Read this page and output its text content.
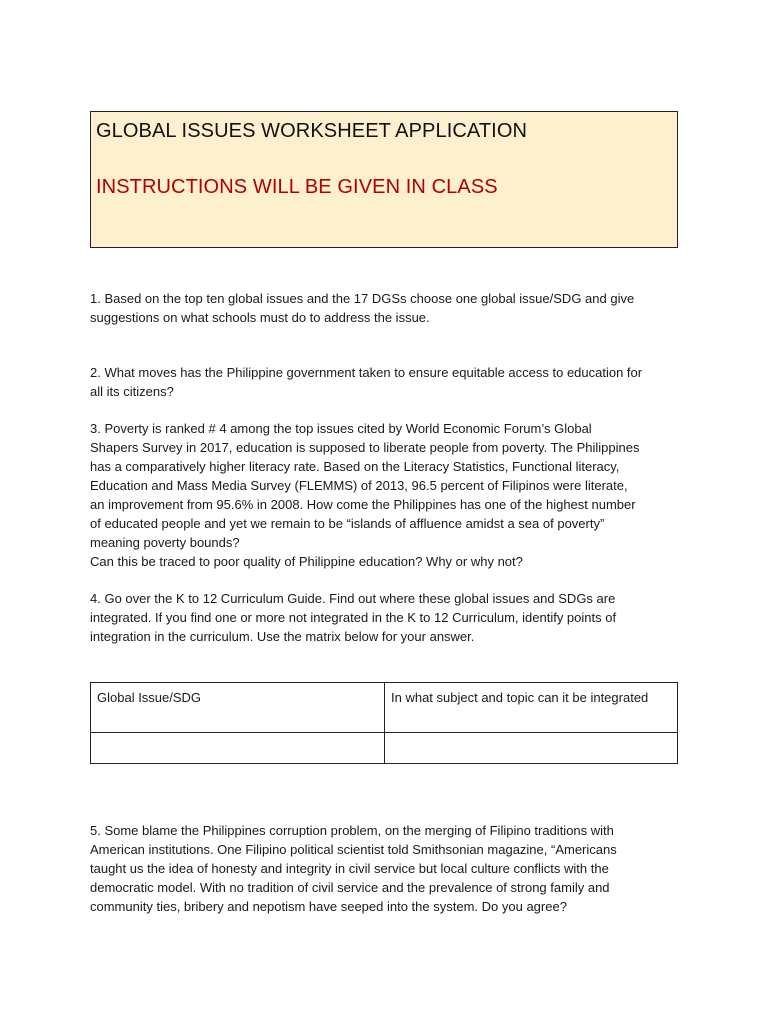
GLOBAL ISSUES WORKSHEET APPLICATION
INSTRUCTIONS WILL BE GIVEN IN CLASS
1. Based on the top ten global issues and the 17 DGSs choose one global issue/SDG and give
suggestions on what schools must do to address the issue.
2. What moves has the Philippine government taken to ensure equitable access to education for
all its citizens?
3. Poverty is ranked # 4 among the top issues cited by World Economic Forum’s Global
Shapers Survey in 2017, education is supposed to liberate people from poverty. The Philippines
has a comparatively higher literacy rate. Based on the Literacy Statistics, Functional literacy,
Education and Mass Media Survey (FLEMMS) of 2013, 96.5 percent of Filipinos were literate,
an improvement from 95.6% in 2008. How come the Philippines has one of the highest number
of educated people and yet we remain to be “islands of affluence amidst a sea of poverty”
meaning poverty bounds?
Can this be traced to poor quality of Philippine education? Why or why not?
4. Go over the K to 12 Curriculum Guide. Find out where these global issues and SDGs are
integrated. If you find one or more not integrated in the K to 12 Curriculum, identify points of
integration in the curriculum. Use the matrix below for your answer.
Global Issue/SDG	In what subject and topic can it be integrated

5. Some blame the Philippines corruption problem, on the merging of Filipino traditions with
American institutions. One Filipino political scientist told Smithsonian magazine, “Americans
taught us the idea of honesty and integrity in civil service but local culture conflicts with the
democratic model. With no tradition of civil service and the prevalence of strong family and
community ties, bribery and nepotism have seeped into the system. Do you agree?
